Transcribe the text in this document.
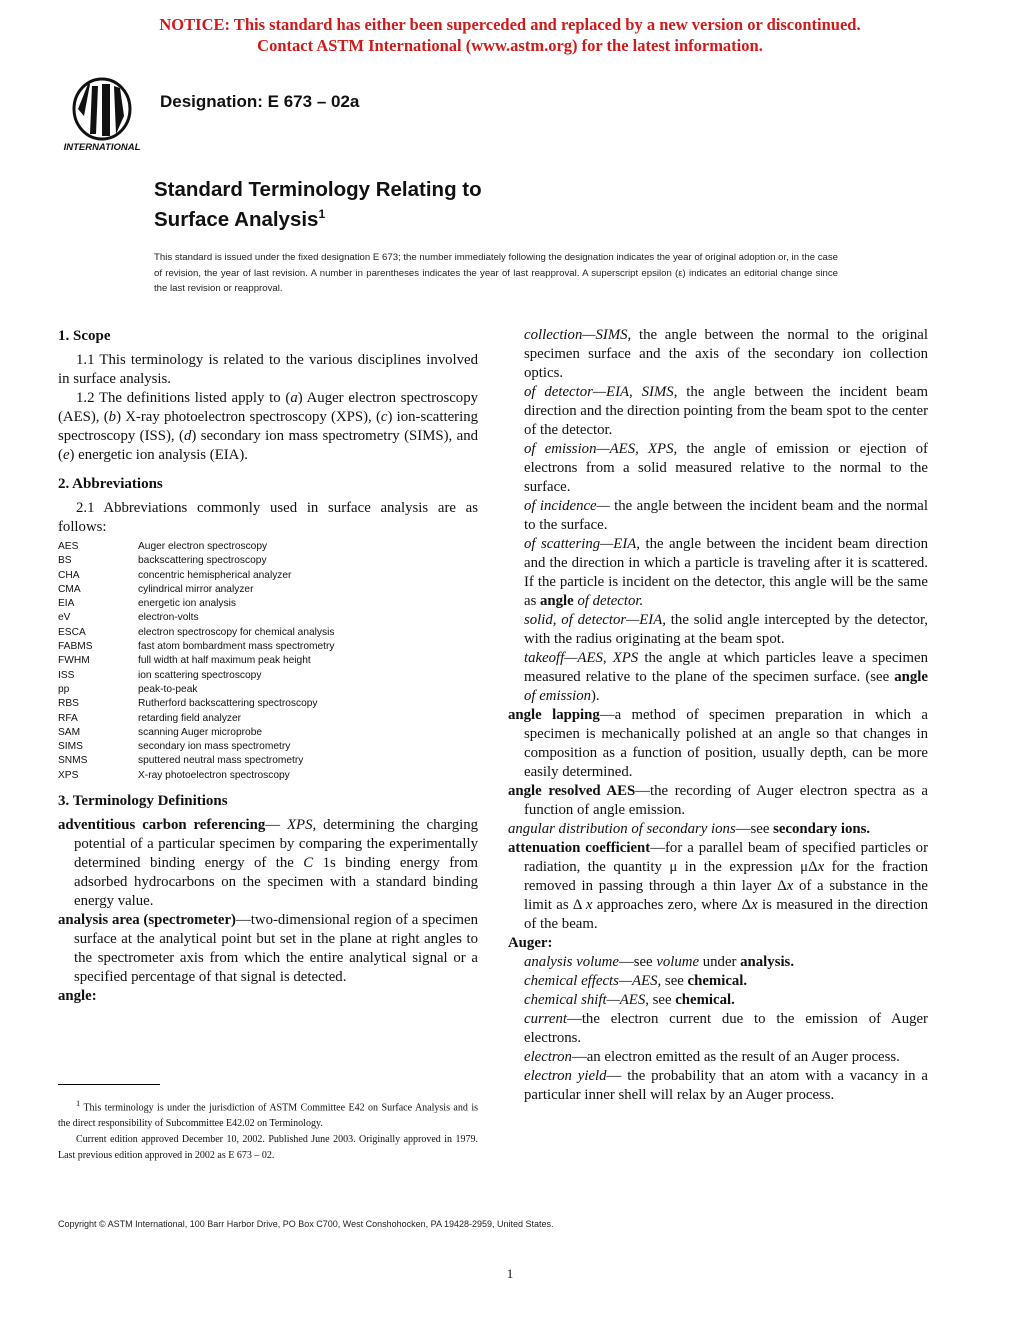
NOTICE: This standard has either been superceded and replaced by a new version or discontinued.
Contact ASTM International (www.astm.org) for the latest information.
INTERNATIONAL
Designation: E 673 – 02a
Standard Terminology Relating to
Surface Analysis$^1$
This standard is issued under the fixed designation E 673; the number immediately following the designation indicates the year of original adoption or, in the case of revision, the year of last revision. A number in parentheses indicates the year of last reapproval. A superscript epsilon (ε) indicates an editorial change since the last revision or reapproval.
1. Scope

1.1 This terminology is related to the various disciplines involved in surface analysis.

1.2 The definitions listed apply to (a) Auger electron spectroscopy (AES), (b) X-ray photoelectron spectroscopy (XPS), (c) ion-scattering spectroscopy (ISS), (d) secondary ion mass spectrometry (SIMS), and (e) energetic ion analysis (EIA).

2. Abbreviations

2.1 Abbreviations commonly used in surface analysis are as follows:

AES	Auger electron spectroscopy
BS	backscattering spectroscopy
CHA	concentric hemispherical analyzer
CMA	cylindrical mirror analyzer
EIA	energetic ion analysis
eV	electron-volts
ESCA	electron spectroscopy for chemical analysis
FABMS	fast atom bombardment mass spectrometry
FWHM	full width at half maximum peak height
ISS	ion scattering spectroscopy
pp	peak-to-peak
RBS	Rutherford backscattering spectroscopy
RFA	retarding field analyzer
SAM	scanning Auger microprobe
SIMS	secondary ion mass spectrometry
SNMS	sputtered neutral mass spectrometry
XPS	X-ray photoelectron spectroscopy
3. Terminology Definitions

adventitious carbon referencing— XPS, determining the charging potential of a particular specimen by comparing the experimentally determined binding energy of the C 1s binding energy from adsorbed hydrocarbons on the specimen with a standard binding energy value.

analysis area (spectrometer)—two-dimensional region of a specimen surface at the analytical point but set in the plane at right angles to the spectrometer axis from which the entire analytical signal or a specified percentage of that signal is detected.

angle:

$^1$ This terminology is under the jurisdiction of ASTM Committee E42 on Surface Analysis and is the direct responsibility of Subcommittee E42.02 on Terminology.
Current edition approved December 10, 2002. Published June 2003. Originally approved in 1979. Last previous edition approved in 2002 as E 673 – 02.

collection—SIMS, the angle between the normal to the original specimen surface and the axis of the secondary ion collection optics.

of detector—EIA, SIMS, the angle between the incident beam direction and the direction pointing from the beam spot to the center of the detector.

of emission—AES, XPS, the angle of emission or ejection of electrons from a solid measured relative to the normal to the surface.

of incidence— the angle between the incident beam and the normal to the surface.

of scattering—EIA, the angle between the incident beam direction and the direction in which a particle is traveling after it is scattered. If the particle is incident on the detector, this angle will be the same as angle of detector.

solid, of detector—EIA, the solid angle intercepted by the detector, with the radius originating at the beam spot.

takeoff—AES, XPS the angle at which particles leave a specimen measured relative to the plane of the specimen surface. (see angle of emission).

angle lapping—a method of specimen preparation in which a specimen is mechanically polished at an angle so that changes in composition as a function of position, usually depth, can be more easily determined.

angle resolved AES—the recording of Auger electron spectra as a function of angle emission.

angular distribution of secondary ions—see secondary ions.

attenuation coefficient—for a parallel beam of specified particles or radiation, the quantity μ in the expression μΔx for the fraction removed in passing through a thin layer Δx of a substance in the limit as Δ x approaches zero, where Δx is measured in the direction of the beam.

Auger:

analysis volume—see volume under analysis.

chemical effects—AES, see chemical.

chemical shift—AES, see chemical.

current—the electron current due to the emission of Auger electrons.

electron—an electron emitted as the result of an Auger process.

electron yield— the probability that an atom with a vacancy in a particular inner shell will relax by an Auger process.

Copyright © ASTM International, 100 Barr Harbor Drive, PO Box C700, West Conshohocken, PA 19428-2959, United States.
1
